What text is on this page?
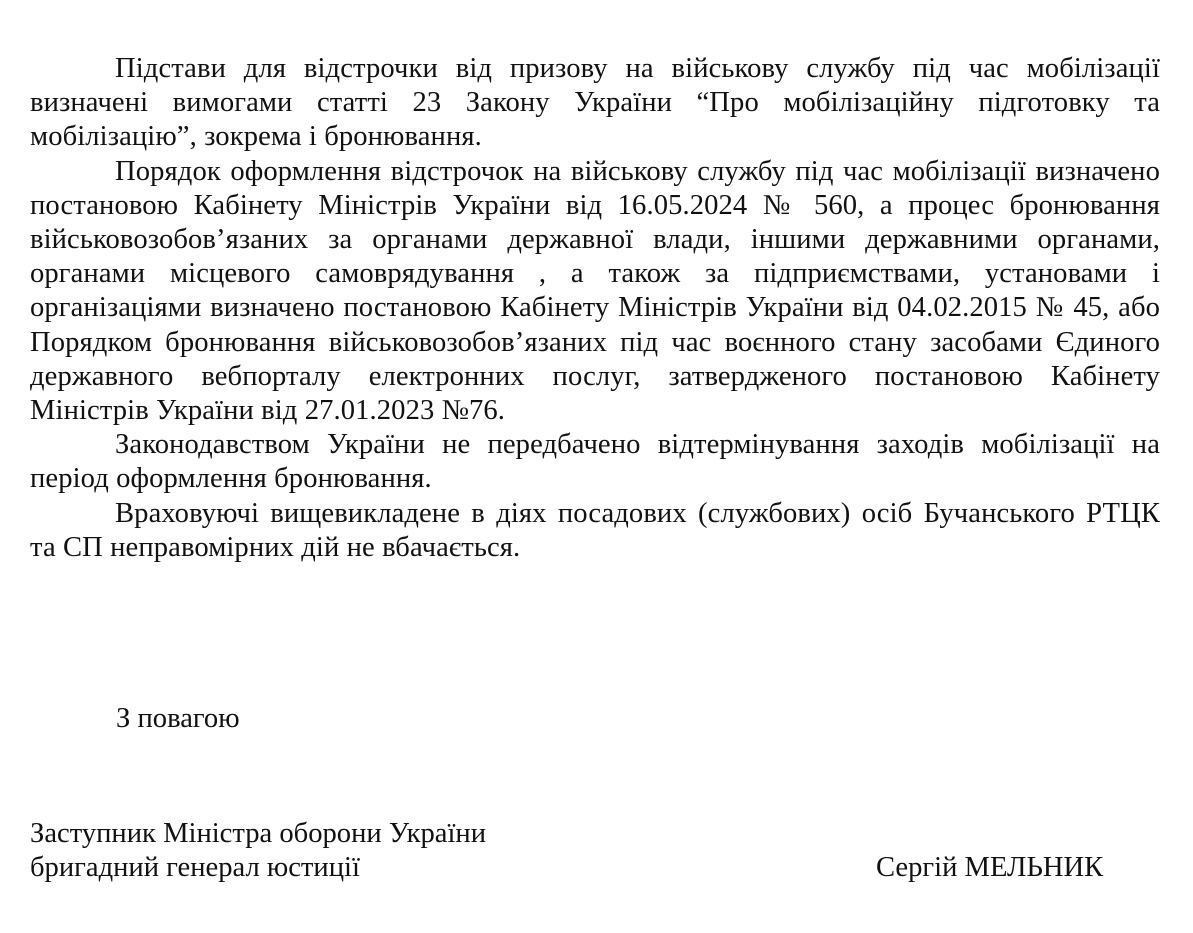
Підстави для відстрочки від призову на військову службу під час мобілізації визначені вимогами статті 23 Закону України “Про мобілізаційну підготовку та мобілізацію”, зокрема і бронювання.

Порядок оформлення відстрочок на військову службу під час мобілізації визначено постановою Кабінету Міністрів України від 16.05.2024 № 560, а процес бронювання військовозобов’язаних за органами державної влади, іншими державними органами, органами місцевого самоврядування , а також за підприємствами, установами і організаціями визначено постановою Кабінету Міністрів України від 04.02.2015 № 45, або Порядком бронювання військовозобов’язаних під час воєнного стану засобами Єдиного державного вебпорталу електронних послуг, затвердженого постановою Кабінету Міністрів України від 27.01.2023 №76.

Законодавством України не передбачено відтермінування заходів мобілізації на період оформлення бронювання.

Враховуючі вищевикладене в діях посадових (службових) осіб Бучанського РТЦК та СП неправомірних дій не вбачається.

З повагою

Заступник Міністра оборони України
бригадний генерал юстиції	Сергій МЕЛЬНИК
